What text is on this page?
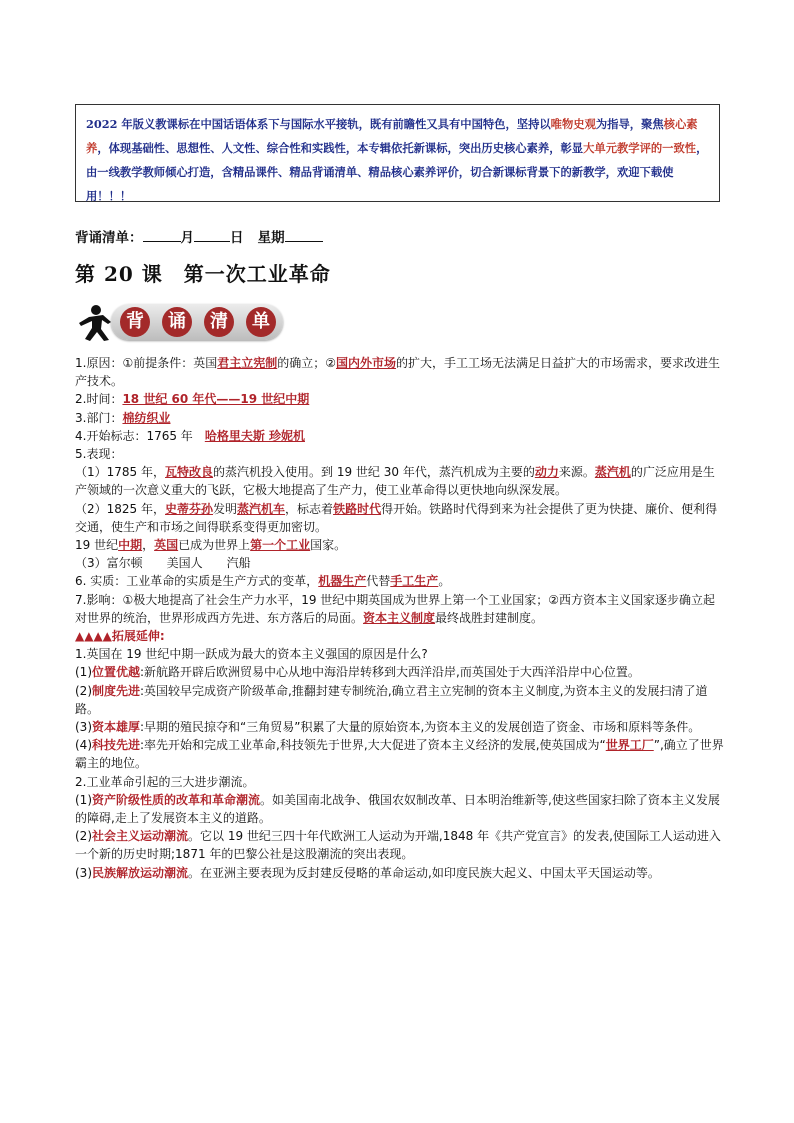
2022 年版义教课标在中国话语体系下与国际水平接轨，既有前瞻性又具有中国特色，坚持以唯物史观为指导，聚焦核心素养，体现基础性、思想性、人文性、综合性和实践性，本专辑依托新课标，突出历史核心素养，彰显大单元教学评的一致性，由一线教学教师倾心打造，含精品课件、精品背诵清单、精品核心素养评价，切合新课标背景下的新教学，欢迎下载使用！！！
背诵清单：	月	日 星期
第 20 课　第一次工业革命
背	诵	清	单

1.原因：①前提条件：英国君主立宪制的确立；②国内外市场的扩大，手工工场无法满足日益扩大的市场需求，要求改进生产技术。

2.时间：18 世纪 60 年代——19 世纪中期

3.部门：棉纺织业

4.开始标志：1765 年　哈格里夫斯 珍妮机

5.表现：

（1）1785 年，瓦特改良的蒸汽机投入使用。到 19 世纪 30 年代，蒸汽机成为主要的动力来源。蒸汽机的广泛应用是生产领域的一次意义重大的飞跃，它极大地提高了生产力，使工业革命得以更快地向纵深发展。

（2）1825 年，史蒂芬孙发明蒸汽机车，标志着铁路时代得开始。铁路时代得到来为社会提供了更为快捷、廉价、便利得交通，使生产和市场之间得联系变得更加密切。

19 世纪中期，英国已成为世界上第一个工业国家。

（3）富尔顿　　美国人　　汽船

6. 实质：工业革命的实质是生产方式的变革，机器生产代替手工生产。

7.影响：①极大地提高了社会生产力水平，19 世纪中期英国成为世界上第一个工业国家；②西方资本主义国家逐步确立起对世界的统治，世界形成西方先进、东方落后的局面。资本主义制度最终战胜封建制度。

▲▲▲▲拓展延伸:

1.英国在 19 世纪中期一跃成为最大的资本主义强国的原因是什么?

(1)位置优越:新航路开辟后欧洲贸易中心从地中海沿岸转移到大西洋沿岸,而英国处于大西洋沿岸中心位置。

(2)制度先进:英国较早完成资产阶级革命,推翻封建专制统治,确立君主立宪制的资本主义制度,为资本主义的发展扫清了道路。

(3)资本雄厚:早期的殖民掠夺和“三角贸易”积累了大量的原始资本,为资本主义的发展创造了资金、市场和原料等条件。

(4)科技先进:率先开始和完成工业革命,科技领先于世界,大大促进了资本主义经济的发展,使英国成为“世界工厂”,确立了世界霸主的地位。

2.工业革命引起的三大进步潮流。

(1)资产阶级性质的改革和革命潮流。如美国南北战争、俄国农奴制改革、日本明治维新等,使这些国家扫除了资本主义发展的障碍,走上了发展资本主义的道路。

(2)社会主义运动潮流。它以 19 世纪三四十年代欧洲工人运动为开端,1848 年《共产党宣言》的发表,使国际工人运动进入一个新的历史时期;1871 年的巴黎公社是这股潮流的突出表现。

(3)民族解放运动潮流。在亚洲主要表现为反封建反侵略的革命运动,如印度民族大起义、中国太平天国运动等。
